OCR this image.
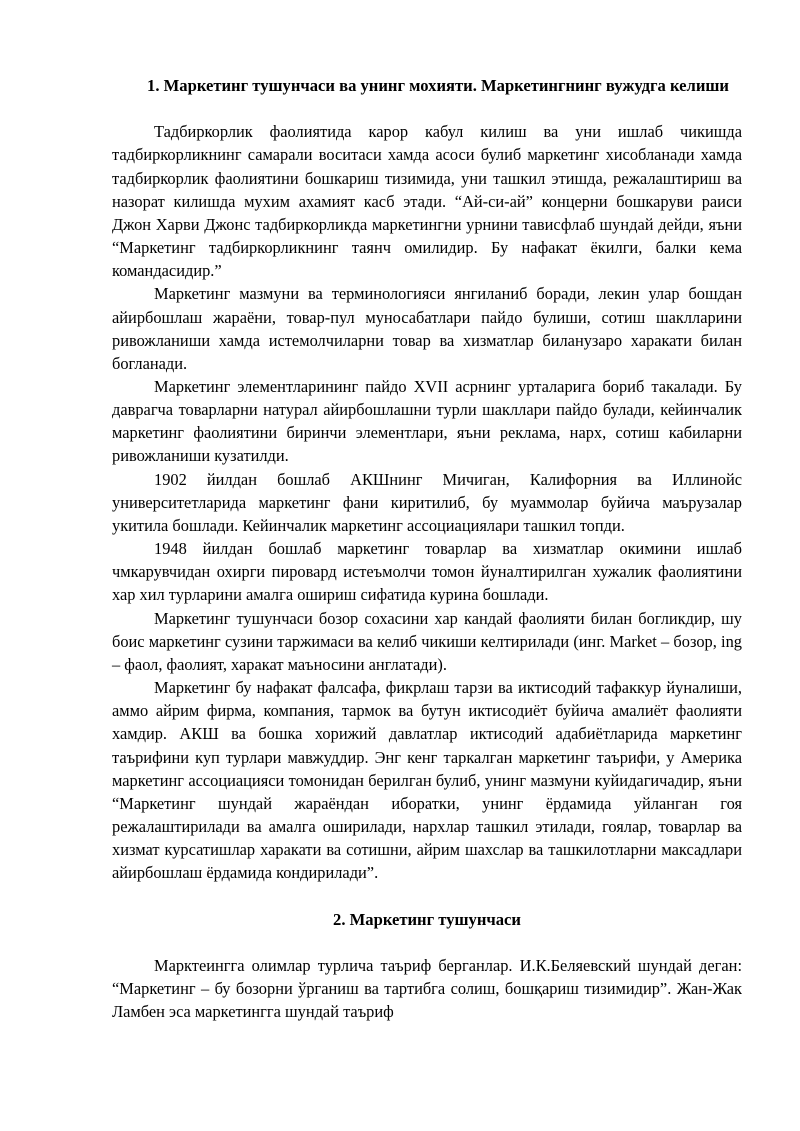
1. Маркетинг тушунчаси ва унинг мохияти. Маркетингнинг вужудга келиши

Тадбиркорлик фаолиятида карор кабул килиш ва уни ишлаб чикишда тадбиркорликнинг самарали воситаси хамда асоси булиб маркетинг хисобланади хамда тадбиркорлик фаолиятини бошкариш тизимида, уни ташкил этишда, режалаштириш ва назорат килишда мухим ахамият касб этади. “Ай-си-ай” концерни бошкаруви раиси Джон Харви Джонс тадбиркорликда маркетингни урнини тависфлаб шундай дейди, яъни “Маркетинг тадбиркорликнинг таянч омилидир. Бу нафакат ёкилги, балки кема командасидир.”

Маркетинг мазмуни ва терминологияси янгиланиб боради, лекин улар бошдан айирбошлаш жараёни, товар-пул муносабатлари пайдо булиши, сотиш шаклларини ривожланиши хамда истемолчиларни товар ва хизматлар биланузаро харакати билан богланади.

Маркетинг элементларининг пайдо XVII асрнинг урталарига бориб такалади. Бу даврагча товарларни натурал айирбошлашни турли шакллари пайдо булади, кейинчалик маркетинг фаолиятини биринчи элементлари, яъни реклама, нарх, сотиш кабиларни ривожланиши кузатилди.

1902 йилдан бошлаб АКШнинг Мичиган, Калифорния ва Иллинойс университетларида маркетинг фани киритилиб, бу муаммолар буйича маърузалар укитила бошлади. Кейинчалик маркетинг ассоциациялари ташкил топди.

1948 йилдан бошлаб маркетинг товарлар ва хизматлар окимини ишлаб чмкарувчидан охирги пировард истеъмолчи томон йуналтирилган хужалик фаолиятини хар хил турларини амалга ошириш сифатида курина бошлади.

Маркетинг тушунчаси бозор сохасини хар кандай фаолияти билан богликдир, шу боис маркетинг сузини таржимаси ва келиб чикиши келтирилади (инг. Market – бозор, ing – фаол, фаолият, харакат маъносини англатади).

Маркетинг бу нафакат фалсафа, фикрлаш тарзи ва иктисодий тафаккур йуналиши, аммо айрим фирма, компания, тармок ва бутун иктисодиёт буйича амалиёт фаолияти хамдир. АКШ ва бошка хорижий давлатлар иктисодий адабиётларида маркетинг таърифини куп турлари мавжуддир. Энг кенг таркалган маркетинг таърифи, у Америка маркетинг ассоциацияси томонидан берилган булиб, унинг мазмуни куйидагичадир, яъни “Маркетинг шундай жараёндан иборатки, унинг ёрдамида уйланган гоя режалаштирилади ва амалга оширилади, нархлар ташкил этилади, гоялар, товарлар ва хизмат курсатишлар харакати ва сотишни, айрим шахслар ва ташкилотларни максадлари айирбошлаш ёрдамида кондирилади”.

2. Маркетинг тушунчаси

Марктеингга олимлар турлича таъриф берганлар. И.К.Беляевский шундай деган: “Маркетинг – бу бозорни ўрганиш ва тартибга солиш, бошқариш тизимидир”. Жан-Жак Ламбен эса маркетингга шундай таъриф
